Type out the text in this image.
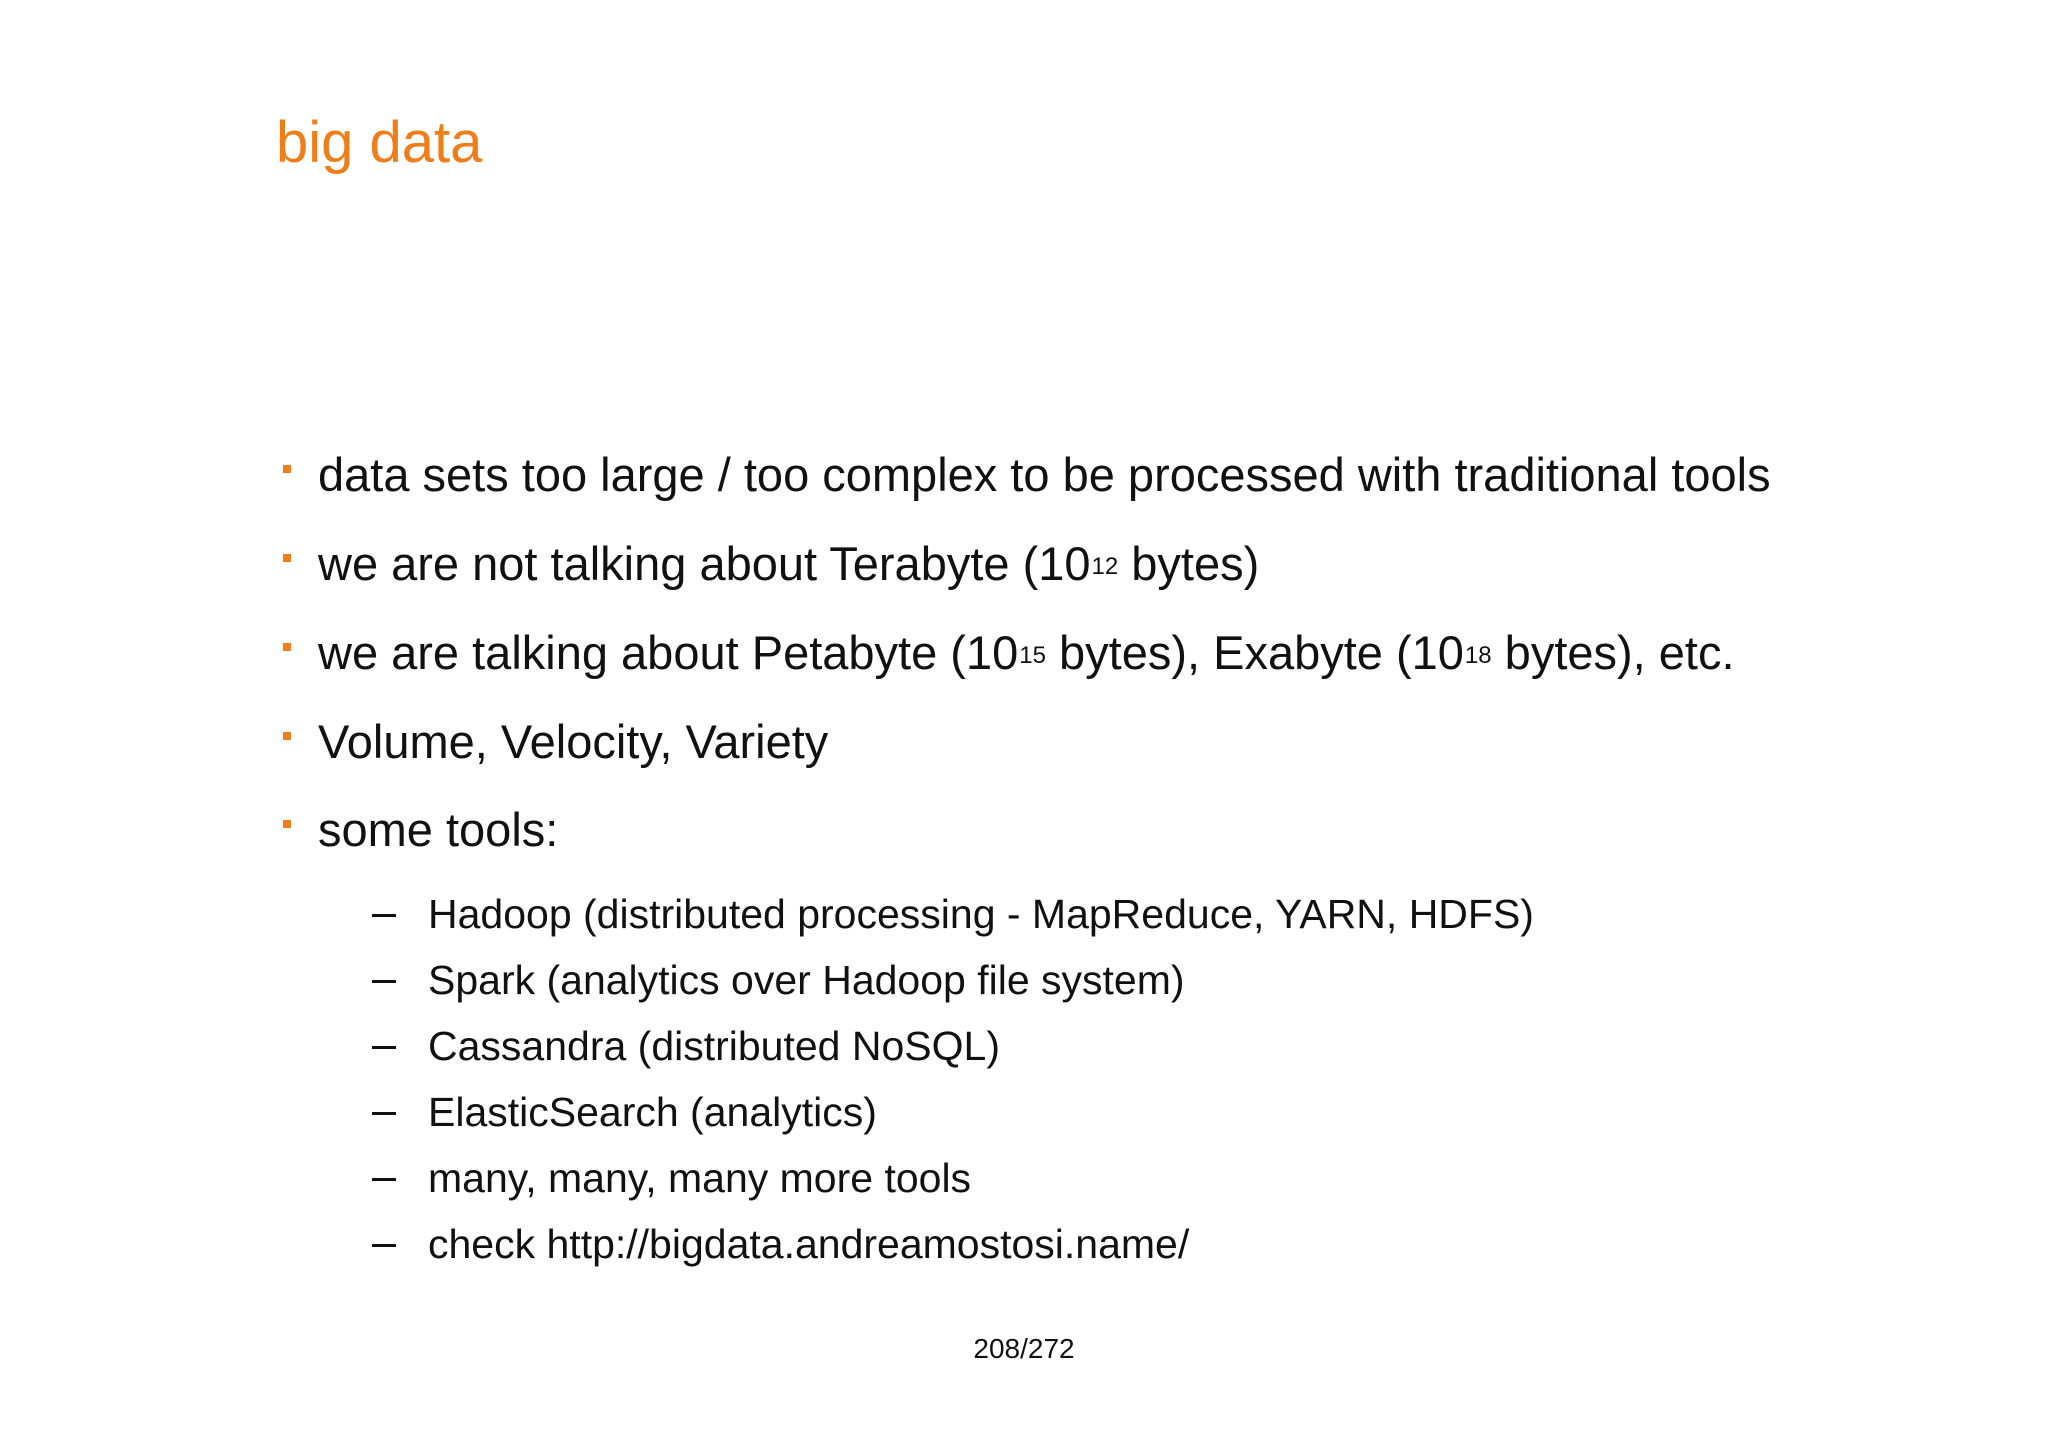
big data
data sets too large / too complex to be processed with traditional tools
we are not talking about Terabyte ($10^{12}$ bytes)
we are talking about Petabyte ($10^{15}$ bytes), Exabyte ($10^{18}$ bytes), etc.
Volume, Velocity, Variety
some tools:
Hadoop (distributed processing - MapReduce, YARN, HDFS)
Spark (analytics over Hadoop file system)
Cassandra (distributed NoSQL)
ElasticSearch (analytics)
many, many, many more tools
check http://bigdata.andreamostosi.name/
208/272
